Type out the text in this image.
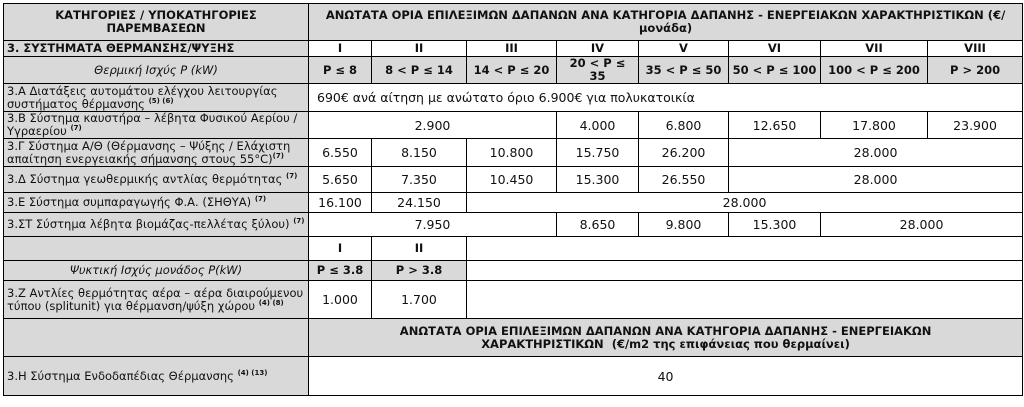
ΚΑΤΗΓΟΡΙΕΣ / ΥΠΟΚΑΤΗΓΟΡΙΕΣ ΠΑΡΕΜΒΑΣΕΩΝ	ΑΝΩΤΑΤΑ ΟΡΙΑ ΕΠΙΛΕΞΙΜΩΝ ΔΑΠΑΝΩΝ ΑΝΑ ΚΑΤΗΓΟΡΙΑ ΔΑΠΑΝΗΣ - ΕΝΕΡΓΕΙΑΚΩΝ ΧΑΡΑΚΤΗΡΙΣΤΙΚΩΝ (€/μονάδα)							
3. ΣΥΣΤΗΜΑΤΑ ΘΕΡΜΑΝΣΗΣ/ΨΥΞΗΣ	I	II	III	IV	V	VI	VII	VIII
Θερμική Ισχύς P (kW)	P ≤ 8	8 < P ≤ 14	14 < P ≤ 20	20 < P ≤ 35	35 < P ≤ 50	50 < P ≤ 100	100 < P ≤ 200	P > 200
3.Α Διατάξεις αυτομάτου ελέγχου λειτουργίας συστήματος θέρμανσης $^{(5) (6)}$	690€ ανά αίτηση με ανώτατο όριο 6.900€ για πολυκατοικία							
3.Β Σύστημα καυστήρα – λέβητα Φυσικού Αερίου / Υγραερίου $^{(7)}$	2.900			4.000	6.800	12.650	17.800	23.900
3.Γ Σύστημα Α/Θ (Θέρμανσης – Ψύξης / Ελάχιστη απαίτηση ενεργειακής σήμανσης στους 55°C)$^{(7)}$	6.550	8.150	10.800	15.750	26.200	28.000		
3.Δ Σύστημα γεωθερμικής αντλίας θερμότητας $^{(7)}$	5.650	7.350	10.450	15.300	26.550	28.000		
3.Ε Σύστημα συμπαραγωγής Φ.Α. (ΣΗΘΥΑ) $^{(7)}$	16.100	24.150	28.000					
3.ΣΤ Σύστημα λέβητα βιομάζας-πελλέτας ξύλου) $^{(7)}$	7.950			8.650	9.800	15.300	28.000	
	I	II						
Ψυκτική Ισχύς μονάδος P(kW)	P ≤ 3.8	P > 3.8						
3.Ζ Αντλίες θερμότητας αέρα – αέρα διαιρούμενου τύπου (splitunit) για θέρμανση/ψύξη χώρου $^{(4) (8)}$	1.000	1.700						

	ΑΝΩΤΑΤΑ ΟΡΙΑ ΕΠΙΛΕΞΙΜΩΝ ΔΑΠΑΝΩΝ ΑΝΑ ΚΑΤΗΓΟΡΙΑ ΔΑΠΑΝΗΣ - ΕΝΕΡΓΕΙΑΚΩΝ
ΧΑΡΑΚΤΗΡΙΣΤΙΚΩΝ (€/m2 της επιφάνειας που θερμαίνει)							

3.Η Σύστημα Ενδοδαπέδιας Θέρμανσης $^{(4) (13)}$	40							
